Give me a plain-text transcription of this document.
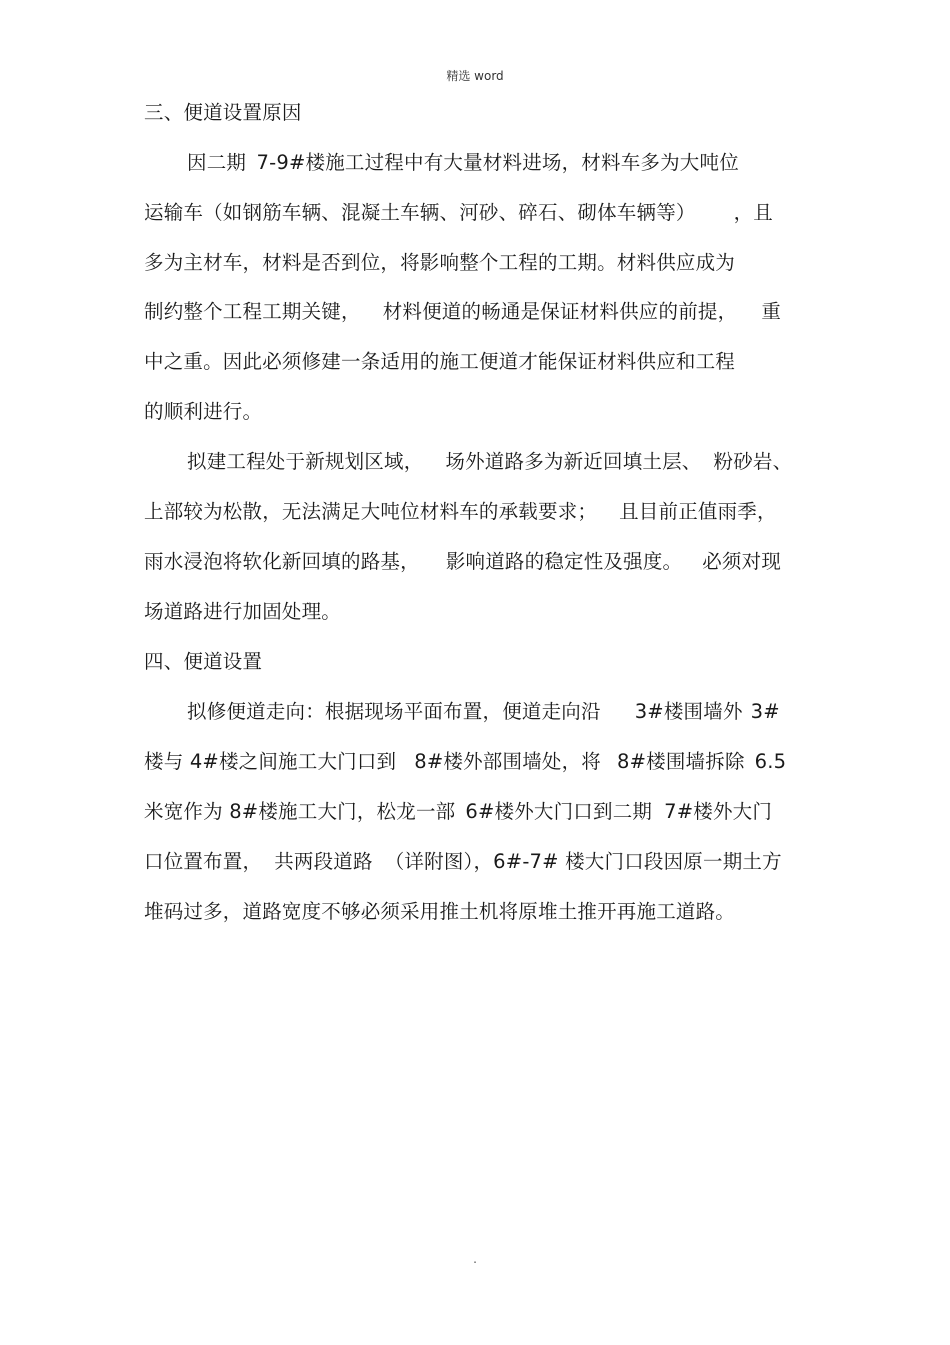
精选 word
三、便道设置原因
因二期 7-9#楼施工过程中有大量材料进场，材料车多为大吨位
运输车（如钢筋车辆、混凝土车辆、河砂、碎石、砌体车辆等） ，且
多为主材车，材料是否到位，将影响整个工程的工期。材料供应成为
制约整个工程工期关键， 材料便道的畅通是保证材料供应的前提， 重
中之重。因此必须修建一条适用的施工便道才能保证材料供应和工程
的顺利进行。
拟建工程处于新规划区域， 场外道路多为新近回填土层、 粉砂岩、
上部较为松散，无法满足大吨位材料车的承载要求； 且目前正值雨季，
雨水浸泡将软化新回填的路基， 影响道路的稳定性及强度。 必须对现
场道路进行加固处理。
四、便道设置
拟修便道走向：根据现场平面布置，便道走向沿 3#楼围墙外 3#
楼与 4#楼之间施工大门口到 8#楼外部围墙处，将 8#楼围墙拆除 6.5
米宽作为 8#楼施工大门，松龙一部 6#楼外大门口到二期 7#楼外大门
口位置布置， 共两段道路 （详附图），6#-7# 楼大门口段因原一期土方
堆码过多，道路宽度不够必须采用推土机将原堆土推开再施工道路。
.
